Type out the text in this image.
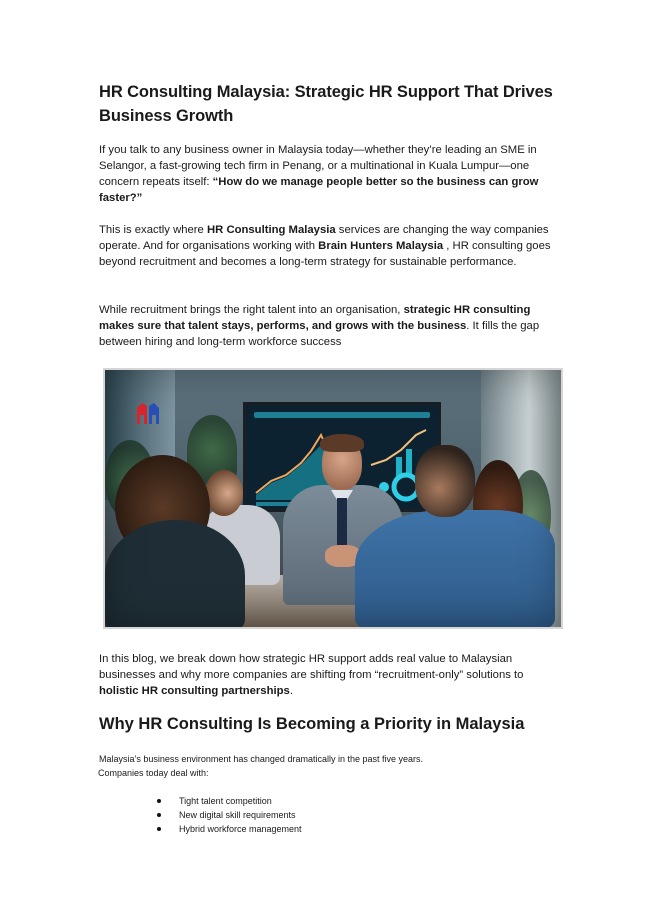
HR Consulting Malaysia: Strategic HR Support That Drives Business Growth

If you talk to any business owner in Malaysia today—whether they’re leading an SME in Selangor, a fast-growing tech firm in Penang, or a multinational in Kuala Lumpur—one concern repeats itself: “How do we manage people better so the business can grow faster?”

This is exactly where HR Consulting Malaysia services are changing the way companies operate. And for organisations working with Brain Hunters Malaysia , HR consulting goes beyond recruitment and becomes a long-term strategy for sustainable performance.

While recruitment brings the right talent into an organisation, strategic HR consulting makes sure that talent stays, performs, and grows with the business. It fills the gap between hiring and long-term workforce success

In this blog, we break down how strategic HR support adds real value to Malaysian businesses and why more companies are shifting from “recruitment-only” solutions to holistic HR consulting partnerships.

Why HR Consulting Is Becoming a Priority in Malaysia

Malaysia’s business environment has changed dramatically in the past five years.

Companies today deal with:

Tight talent competition
New digital skill requirements
Hybrid workforce management
